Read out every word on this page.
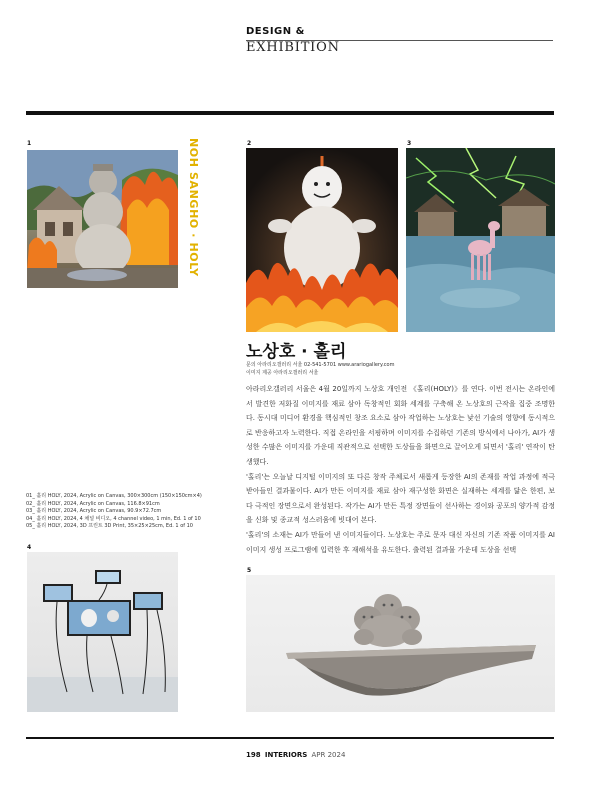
DESIGN &
EXHIBITION
1	2	3
4
5
NOH SANGHO · HOLY
노상호 · 홀리
문의 아라리오갤러리 서울 02-541-5701 www.arariogallery.com
이미지 제공 아라리오갤러리 서울

아라리오갤러리 서울은 4월 20일까지 노상호 개인전 《홀리(HOLY)》를 연다. 이번 전시는 온라인에서 발견한 저화질 이미지를 재료 삼아 독창적인 회화 세계를 구축해 온 노상호의 근작을 집중 조명한다. 동시대 미디어 환경을 핵심적인 창조 요소로 삼아 작업하는 노상호는 낯선 기술의 영향에 동시적으로 반응하고자 노력한다. 직접 온라인을 서핑하며 이미지를 수집하던 기존의 방식에서 나아가, AI가 생성한 수많은 이미지를 가운데 직관적으로 선택한 도상들을 화면으로 끌어오게 되면서 '홀리' 연작이 탄생했다.

'홀리'는 오늘날 디지털 이미지의 또 다른 창작 주체로서 새롭게 등장한 AI의 존재를 작업 과정에 적극 받아들인 결과물이다. AI가 만든 이미지를 재료 삼아 재구성한 화면은 실재하는 세계를 닮은 한편, 보다 극적인 장면으로서 완성된다. 작가는 AI가 만든 특정 장면들이 선사하는 경이와 공포의 양가적 감정을 신화 및 종교적 성스러움에 빗대어 본다.

'홀리'의 소재는 AI가 만들어 낸 이미지들이다. 노상호는 주로 문자 대신 자신의 기존 작품 이미지를 AI 이미지 생성 프로그램에 입력한 후 재해석을 유도한다. 출력된 결과물 가운데 도상을 선택

01_ 홀리 HOLY, 2024, Acrylic on Canvas, 300×300cm (150×150cm×4)
02_ 홀리 HOLY, 2024, Acrylic on Canvas, 116.8×91cm
03_ 홀리 HOLY, 2024, Acrylic on Canvas, 90.9×72.7cm
04_ 홀리 HOLY, 2024, 4 채널 비디오, 4 channel video, 1 min, Ed. 1 of 10
05_ 홀리 HOLY, 2024, 3D 프린트 3D Print, 35×25×25cm, Ed. 1 of 10
198 INTERIORS APR 2024
